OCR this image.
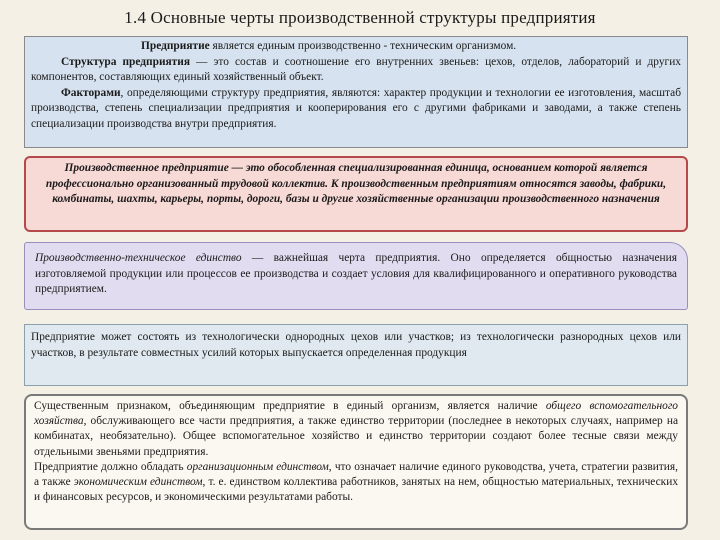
1.4 Основные черты производственной структуры предприятия

Предприятие является единым производственно - техническим организмом.

Структура предприятия — это состав и соотношение его внутренних звеньев: цехов, отделов, лабораторий и других компонентов, составляющих единый хозяйственный объект.

Факторами, определяющими структуру предприятия, являются: характер продукции и технологии ее изготовления, масштаб производства, степень специализации предприятия и кооперирования его с другими фабриками и заводами, а также степень специализации производства внутри предприятия.

Производственное предприятие — это обособленная специализированная единица, основанием которой является профессионально организованный трудовой коллектив. К производственным предприятиям относятся заводы, фабрики, комбинаты, шахты, карьеры, порты, дороги, базы и другие хозяйственные организации производственного назначения
Производственно-техническое единство — важнейшая черта предприятия. Оно определяется общностью назначения изготовляемой продукции или процессов ее производства и создает условия для квалифицированного и оперативного руководства предприятием.
Предприятие может состоять из технологически однородных цехов или участков; из технологически разнородных цехов или участков, в результате совместных усилий которых выпускается определенная продукция

Существенным признаком, объединяющим предприятие в единый организм, является наличие общего вспомогательного хозяйства, обслуживающего все части предприятия, а также единство территории (последнее в некоторых случаях, например на комбинатах, необязательно). Общее вспомогательное хозяйство и единство территории создают более тесные связи между отдельными звеньями предприятия.

Предприятие должно обладать организационным единством, что означает наличие единого руководства, учета, стратегии развития, а также экономическим единством, т. е. единством коллектива работников, занятых на нем, общностью материальных, технических и финансовых ресурсов, и экономическими результатами работы.
